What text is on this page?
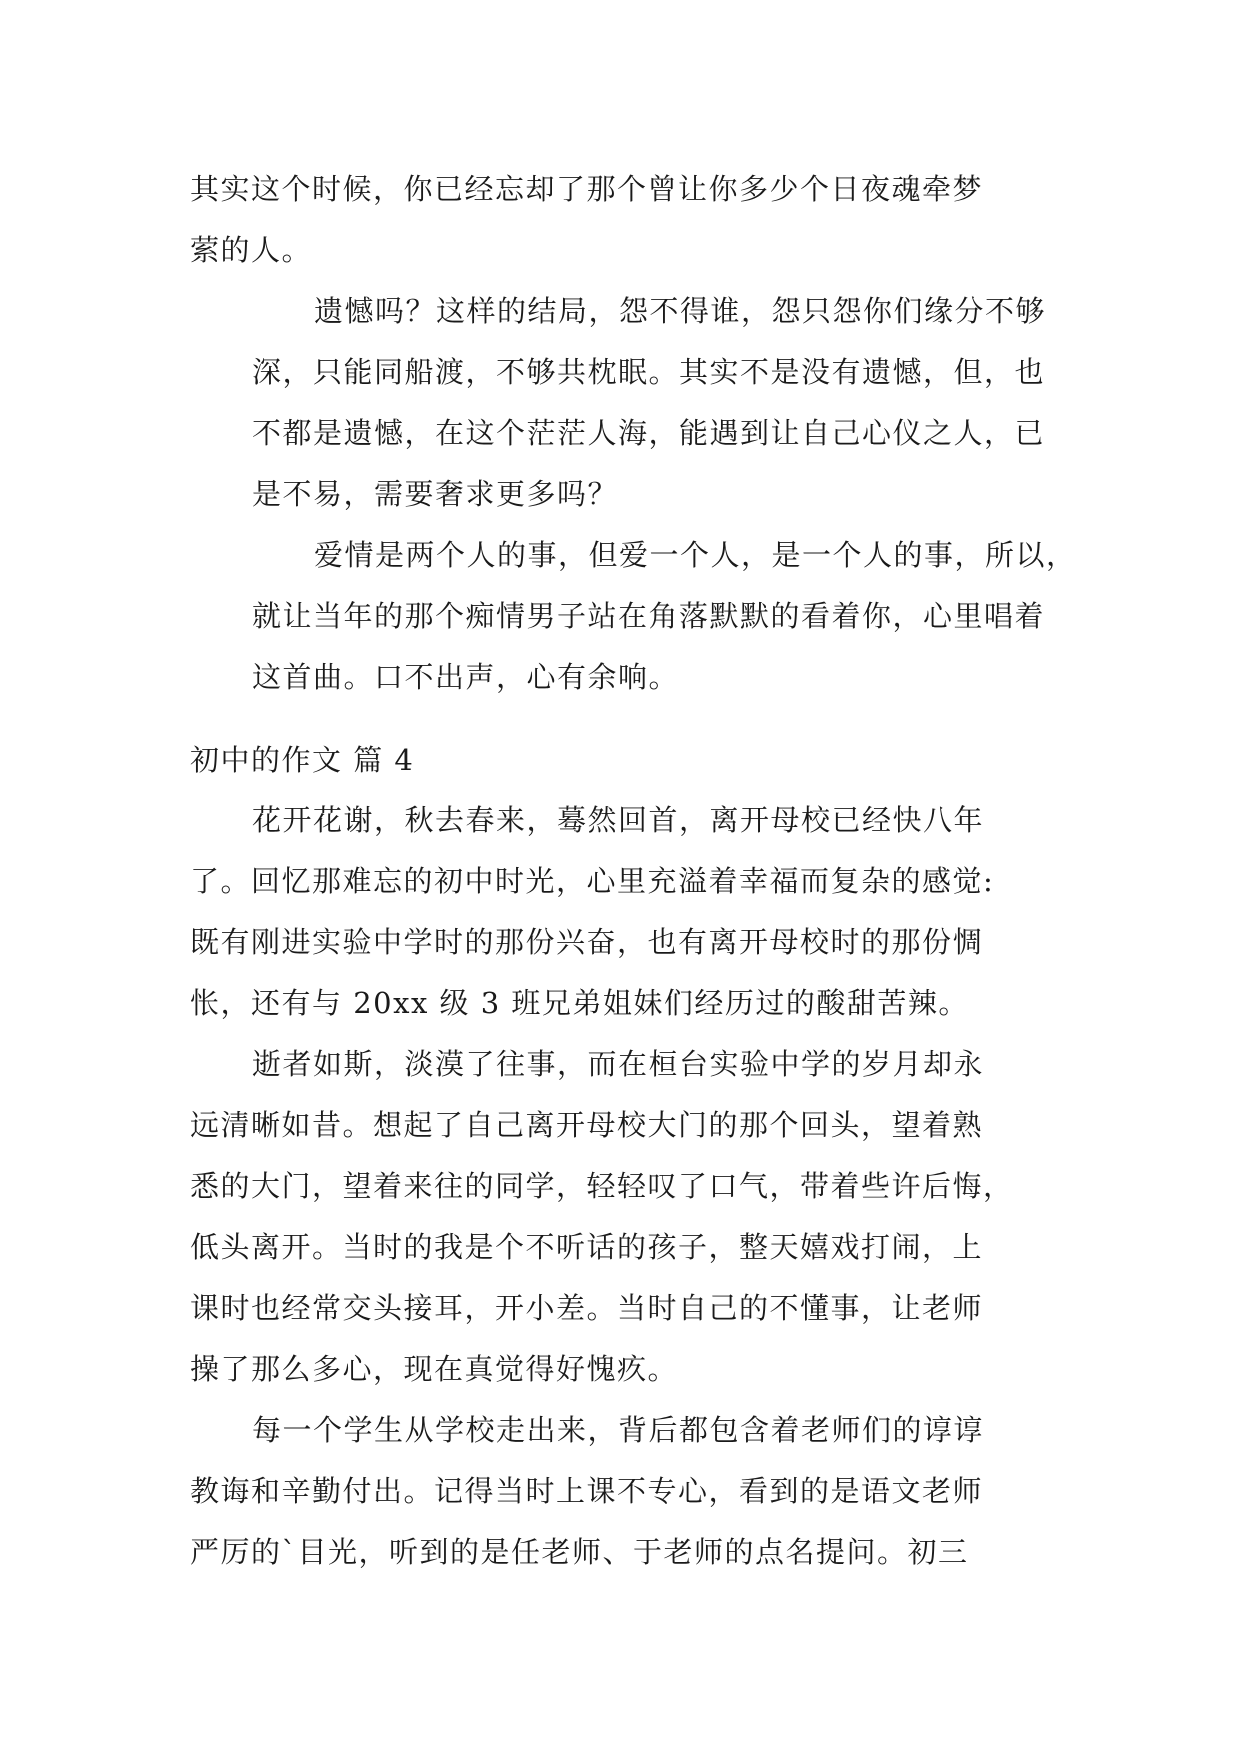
其实这个时候，你已经忘却了那个曾让你多少个日夜魂牵梦
萦的人。

遗憾吗？这样的结局，怨不得谁，怨只怨你们缘分不够
深，只能同船渡，不够共枕眠。其实不是没有遗憾，但，也
不都是遗憾，在这个茫茫人海，能遇到让自己心仪之人，已
是不易，需要奢求更多吗？

爱情是两个人的事，但爱一个人，是一个人的事，所以，
就让当年的那个痴情男子站在角落默默的看着你，心里唱着
这首曲。口不出声，心有余响。

初中的作文 篇 4

花开花谢，秋去春来，蓦然回首，离开母校已经快八年
了。回忆那难忘的初中时光，心里充溢着幸福而复杂的感觉:
既有刚进实验中学时的那份兴奋，也有离开母校时的那份惆
怅，还有与 20xx 级 3 班兄弟姐妹们经历过的酸甜苦辣。

逝者如斯，淡漠了往事，而在桓台实验中学的岁月却永
远清晰如昔。想起了自己离开母校大门的那个回头，望着熟
悉的大门，望着来往的同学，轻轻叹了口气，带着些许后悔，
低头离开。当时的我是个不听话的孩子，整天嬉戏打闹，上
课时也经常交头接耳，开小差。当时自己的不懂事，让老师
操了那么多心，现在真觉得好愧疚。

每一个学生从学校走出来，背后都包含着老师们的谆谆
教诲和辛勤付出。记得当时上课不专心，看到的是语文老师
严厉的`目光，听到的是任老师、于老师的点名提问。初三
